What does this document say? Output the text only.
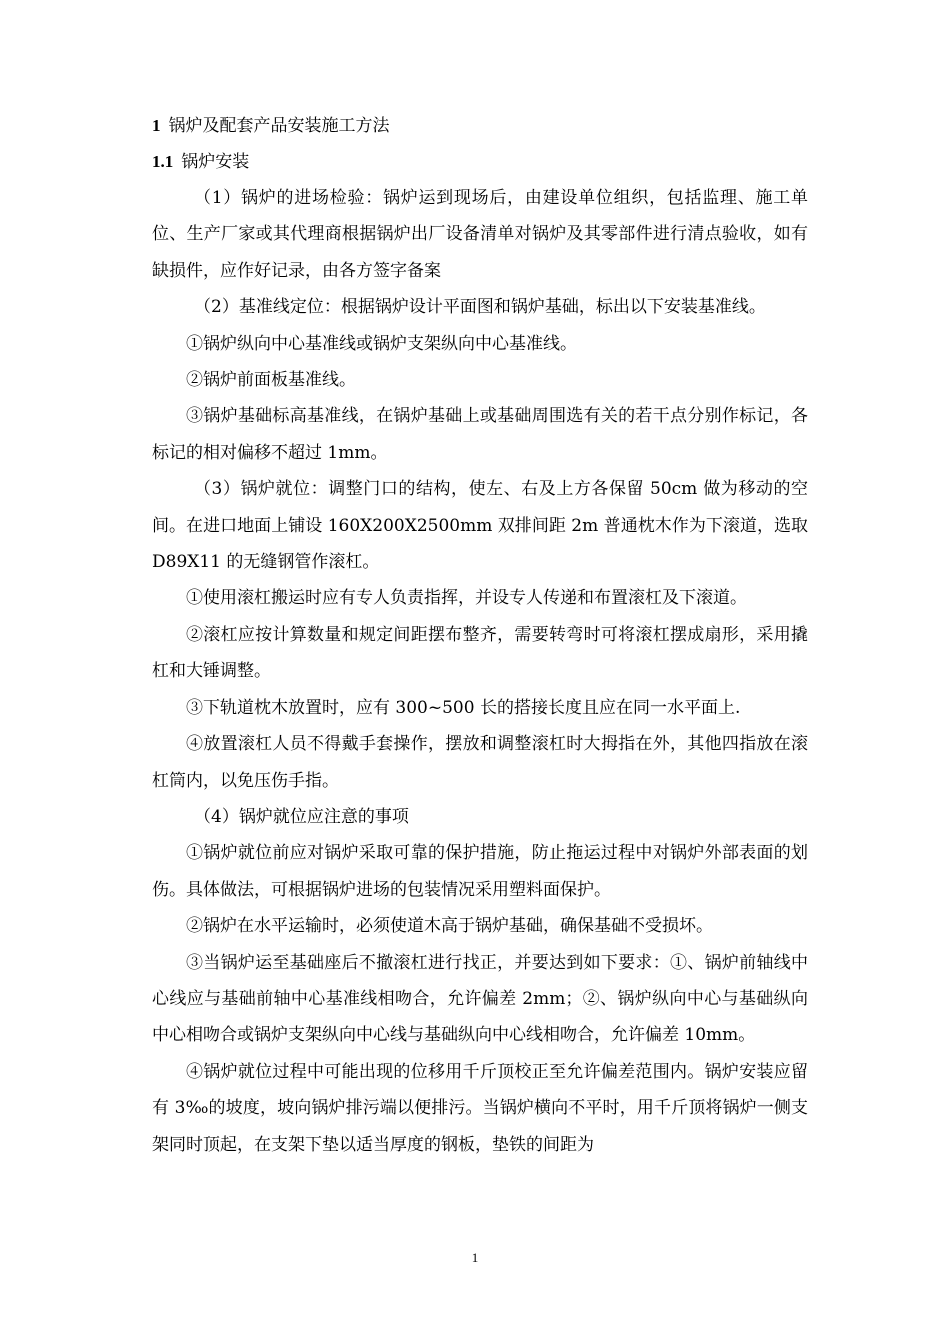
1 锅炉及配套产品安装施工方法
1.1 锅炉安装

（1）锅炉的进场检验：锅炉运到现场后，由建设单位组织，包括监理、施工单位、生产厂家或其代理商根据锅炉出厂设备清单对锅炉及其零部件进行清点验收，如有缺损件，应作好记录，由各方签字备案

（2）基准线定位：根据锅炉设计平面图和锅炉基础，标出以下安装基准线。

①锅炉纵向中心基准线或锅炉支架纵向中心基准线。

②锅炉前面板基准线。

③锅炉基础标高基准线，在锅炉基础上或基础周围选有关的若干点分别作标记，各标记的相对偏移不超过 1mm。

（3）锅炉就位：调整门口的结构，使左、右及上方各保留 50cm 做为移动的空间。在进口地面上铺设 160X200X2500mm 双排间距 2m 普通枕木作为下滚道，选取 D89X11 的无缝钢管作滚杠。

①使用滚杠搬运时应有专人负责指挥，并设专人传递和布置滚杠及下滚道。

②滚杠应按计算数量和规定间距摆布整齐，需要转弯时可将滚杠摆成扇形，采用撬杠和大锤调整。

③下轨道枕木放置时，应有 300~500 长的搭接长度且应在同一水平面上.

④放置滚杠人员不得戴手套操作，摆放和调整滚杠时大拇指在外，其他四指放在滚杠筒内，以免压伤手指。

（4）锅炉就位应注意的事项

①锅炉就位前应对锅炉采取可靠的保护措施，防止拖运过程中对锅炉外部表面的划伤。具体做法，可根据锅炉进场的包装情况采用塑料面保护。

②锅炉在水平运输时，必须使道木高于锅炉基础，确保基础不受损坏。

③当锅炉运至基础座后不撤滚杠进行找正，并要达到如下要求：①、锅炉前轴线中心线应与基础前轴中心基准线相吻合，允许偏差 2mm；②、锅炉纵向中心与基础纵向中心相吻合或锅炉支架纵向中心线与基础纵向中心线相吻合，允许偏差 10mm。

④锅炉就位过程中可能出现的位移用千斤顶校正至允许偏差范围内。锅炉安装应留有 3‰的坡度，坡向锅炉排污端以便排污。当锅炉横向不平时，用千斤顶将锅炉一侧支架同时顶起，在支架下垫以适当厚度的钢板，垫铁的间距为

1
